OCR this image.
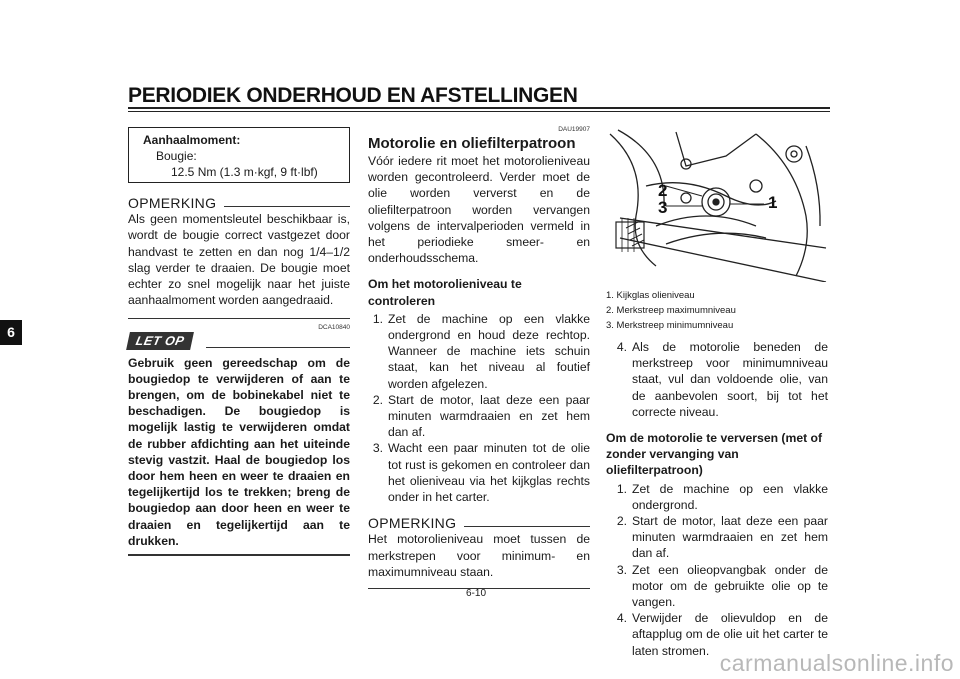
PERIODIEK ONDERHOUD EN AFSTELLINGEN
6
Aanhaalmoment:
Bougie:
12.5 Nm (1.3 m·kgf, 9 ft·lbf)
OPMERKING
Als geen momentsleutel beschikbaar is, wordt de bougie correct vastgezet door handvast te zetten en dan nog 1/4–1/2 slag verder te draaien. De bougie moet echter zo snel mogelijk naar het juiste aanhaalmoment worden aangedraaid.
DCA10840
LET OP
Gebruik geen gereedschap om de bougiedop te verwijderen of aan te brengen, om de bobinekabel niet te beschadigen. De bougiedop is mogelijk lastig te verwijderen omdat de rubber afdichting aan het uiteinde stevig vastzit. Haal de bougiedop los door hem heen en weer te draaien en tegelijkertijd los te trekken; breng de bougiedop aan door heen en weer te draaien en tegelijkertijd aan te drukken.
DAU19907
Motorolie en oliefilterpatroon
Vóór iedere rit moet het motorolieniveau worden gecontroleerd. Verder moet de olie worden ververst en de oliefilterpatroon worden vervangen volgens de intervalperioden vermeld in het periodieke smeer- en onderhoudsschema.
Om het motorolieniveau te controleren
1. Zet de machine op een vlakke ondergrond en houd deze rechtop. Wanneer de machine iets schuin staat, kan het niveau al foutief worden afgelezen.
2. Start de motor, laat deze een paar minuten warmdraaien en zet hem dan af.
3. Wacht een paar minuten tot de olie tot rust is gekomen en controleer dan het olieniveau via het kijkglas rechts onder in het carter.
OPMERKING
Het motorolieniveau moet tussen de merkstrepen voor minimum- en maximumniveau staan.
2
3	1
1. Kijkglas olieniveau
2. Merkstreep maximumniveau
3. Merkstreep minimumniveau
4. Als de motorolie beneden de merkstreep voor minimumniveau staat, vul dan voldoende olie, van de aanbevolen soort, bij tot het correcte niveau.
Om de motorolie te verversen (met of zonder vervanging van oliefilterpatroon)
1. Zet de machine op een vlakke ondergrond.
2. Start de motor, laat deze een paar minuten warmdraaien en zet hem dan af.
3. Zet een olieopvangbak onder de motor om de gebruikte olie op te vangen.
4. Verwijder de olievuldop en de aftapplug om de olie uit het carter te laten stromen.
6-10
carmanualsonline.info
